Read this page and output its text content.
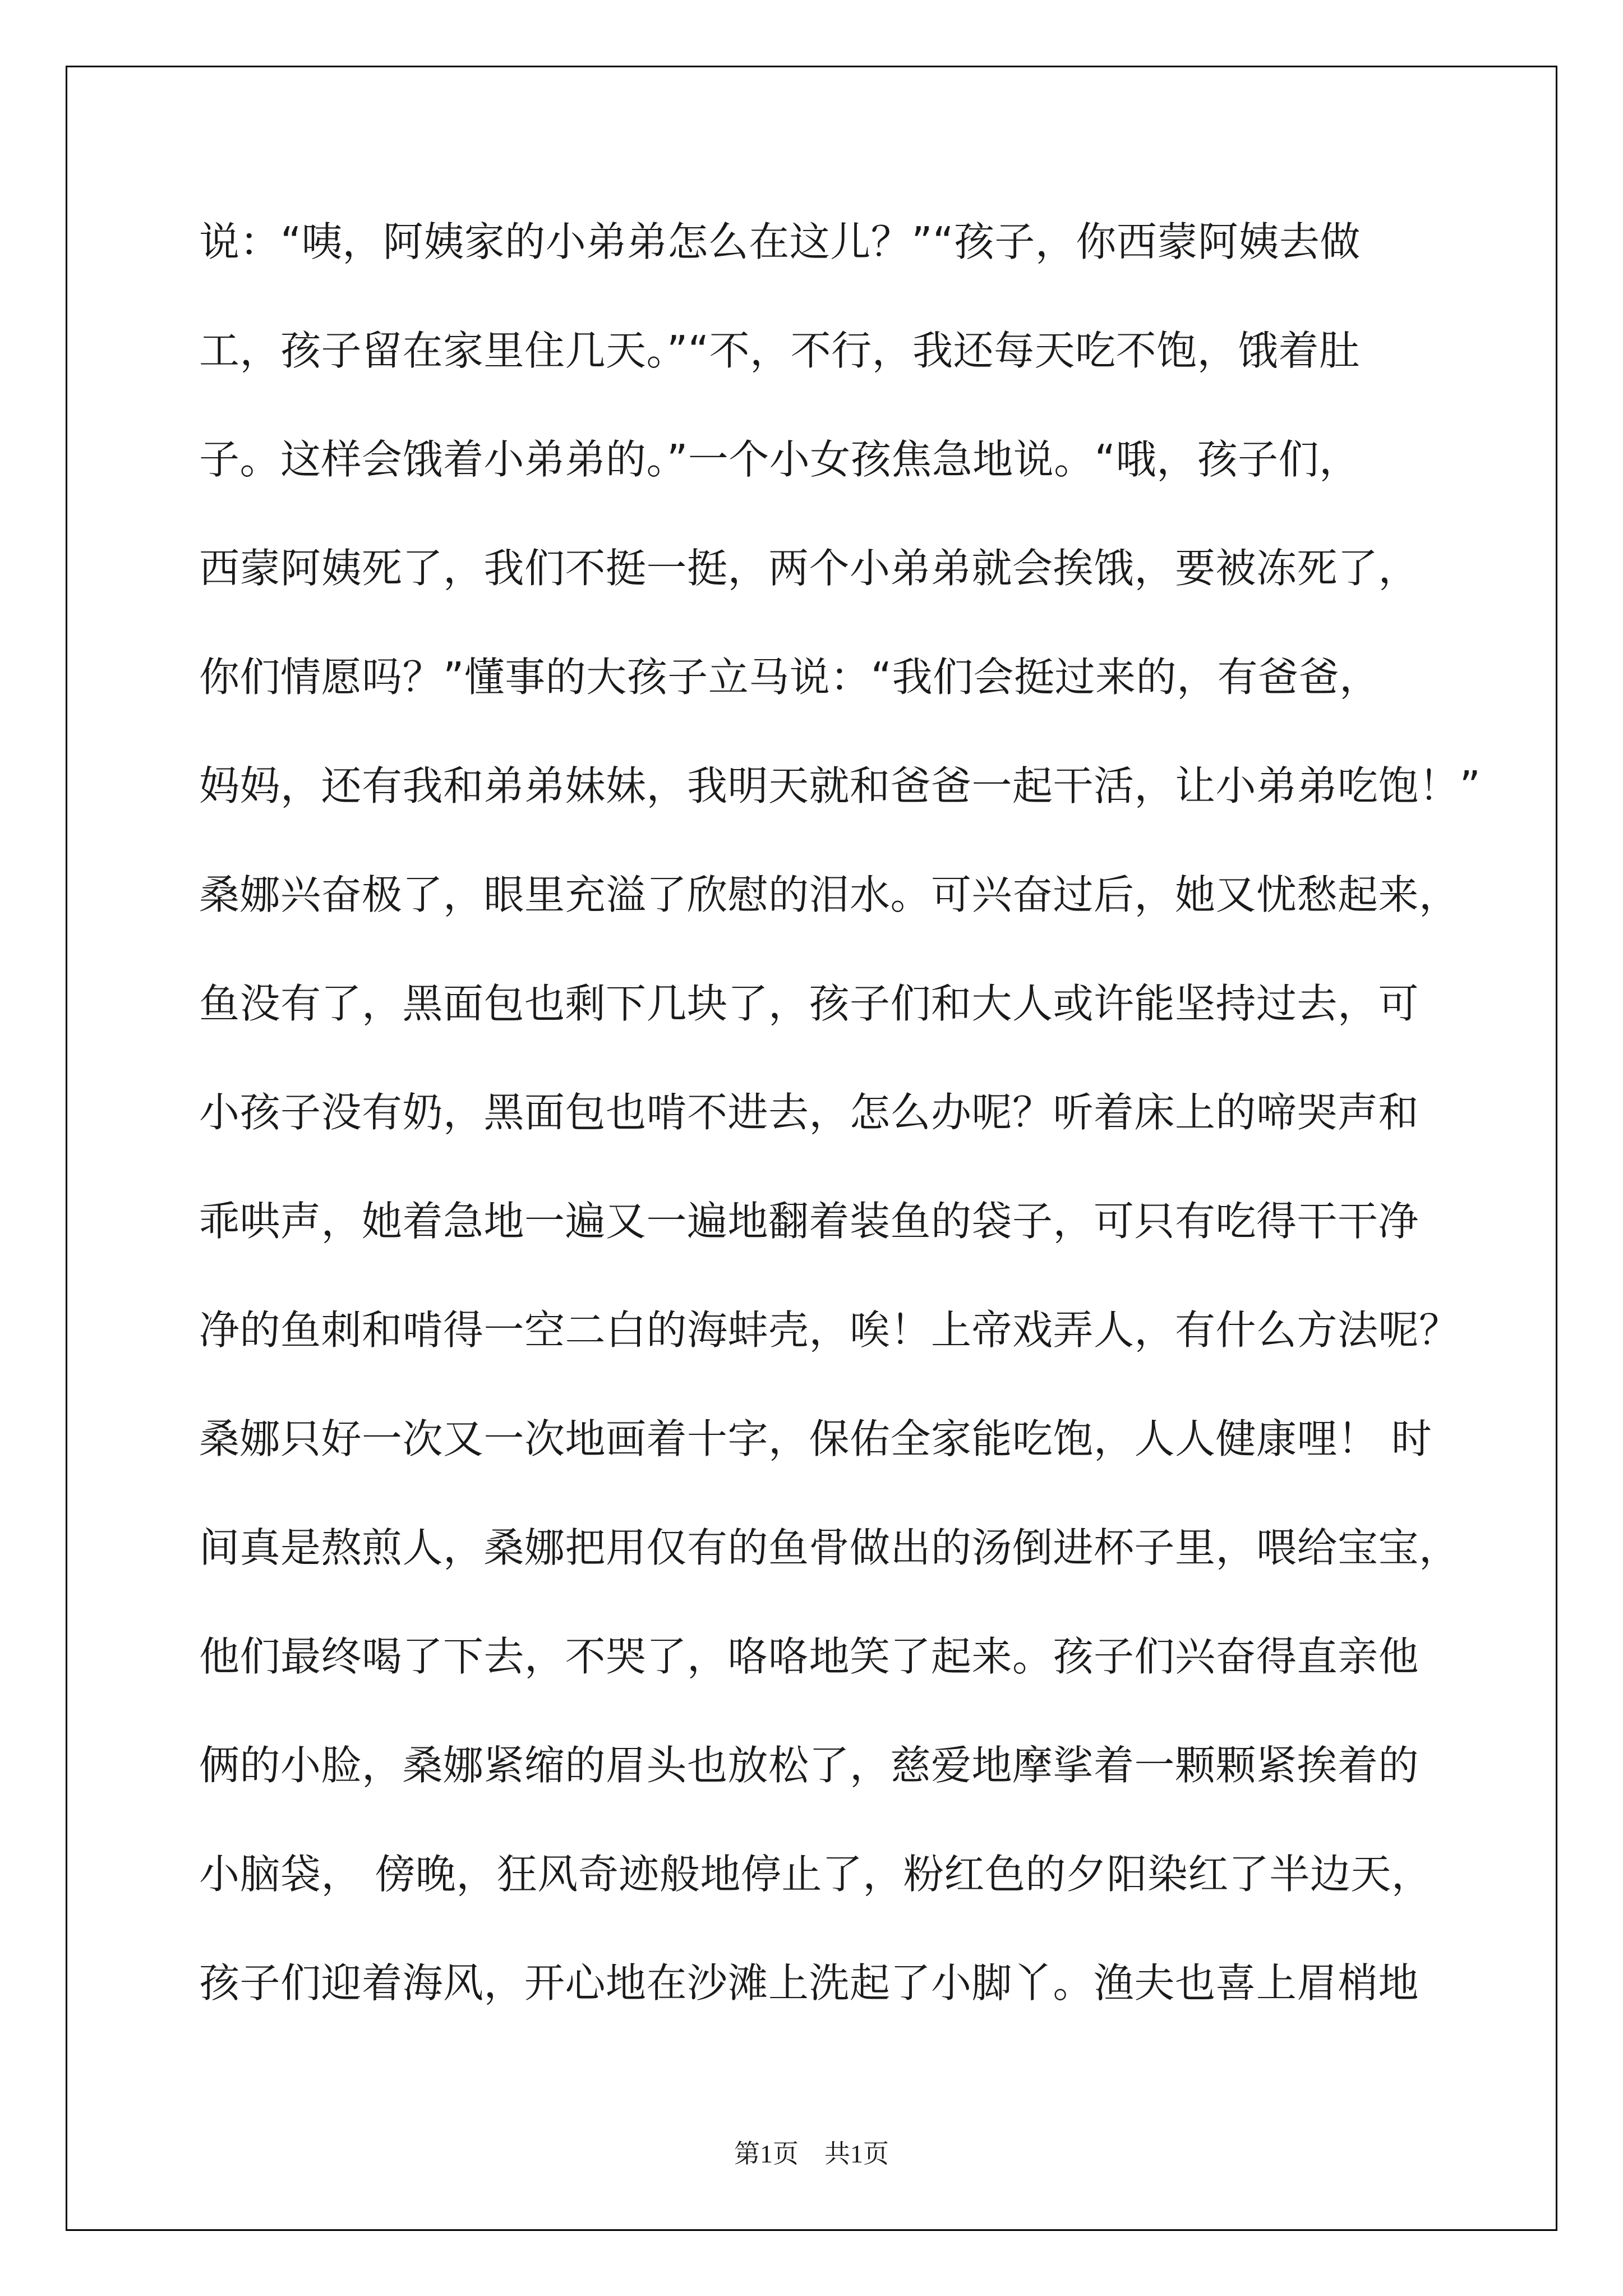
说：“咦，阿姨家的小弟弟怎么在这儿？”“孩子，你西蒙阿姨去做
工，孩子留在家里住几天。”“不，不行，我还每天吃不饱，饿着肚
子。这样会饿着小弟弟的。”一个小女孩焦急地说。“哦，孩子们，
西蒙阿姨死了，我们不挺一挺，两个小弟弟就会挨饿，要被冻死了，
你们情愿吗？”懂事的大孩子立马说：“我们会挺过来的，有爸爸，
妈妈，还有我和弟弟妹妹，我明天就和爸爸一起干活，让小弟弟吃饱！”
桑娜兴奋极了，眼里充溢了欣慰的泪水。可兴奋过后，她又忧愁起来，
鱼没有了，黑面包也剩下几块了，孩子们和大人或许能坚持过去，可
小孩子没有奶，黑面包也啃不进去，怎么办呢？听着床上的啼哭声和
乖哄声，她着急地一遍又一遍地翻着装鱼的袋子，可只有吃得干干净
净的鱼刺和啃得一空二白的海蚌壳，唉！上帝戏弄人，有什么方法呢？
桑娜只好一次又一次地画着十字，保佑全家能吃饱，人人健康哩！ 时
间真是熬煎人，桑娜把用仅有的鱼骨做出的汤倒进杯子里，喂给宝宝，
他们最终喝了下去，不哭了，咯咯地笑了起来。孩子们兴奋得直亲他
俩的小脸，桑娜紧缩的眉头也放松了，慈爱地摩挲着一颗颗紧挨着的
小脑袋， 傍晚，狂风奇迹般地停止了，粉红色的夕阳染红了半边天，
孩子们迎着海风，开心地在沙滩上洗起了小脚丫。渔夫也喜上眉梢地
第1页　共1页
